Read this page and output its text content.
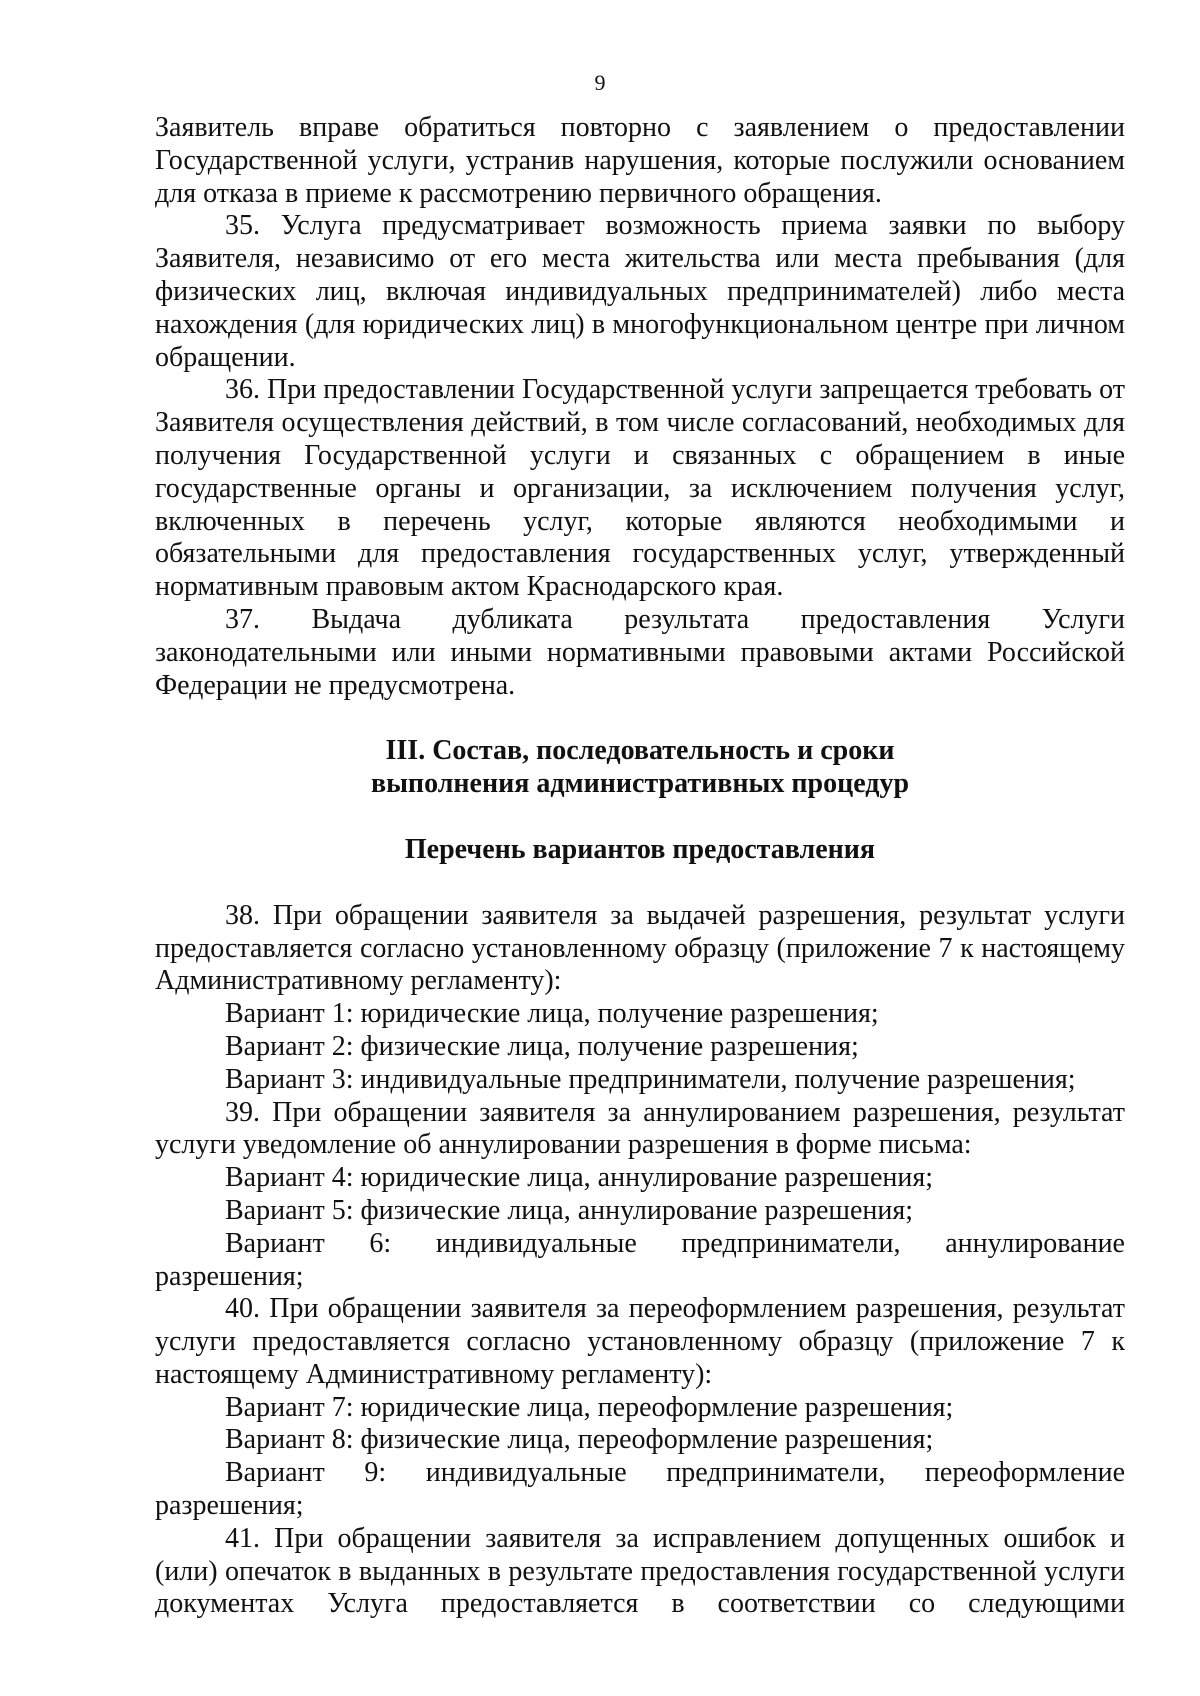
9

Заявитель вправе обратиться повторно с заявлением о предоставлении Государственной услуги, устранив нарушения, которые послужили основанием для отказа в приеме к рассмотрению первичного обращения.

35. Услуга предусматривает возможность приема заявки по выбору Заявителя, независимо от его места жительства или места пребывания (для физических лиц, включая индивидуальных предпринимателей) либо места нахождения (для юридических лиц) в многофункциональном центре при личном обращении.

36. При предоставлении Государственной услуги запрещается требовать от Заявителя осуществления действий, в том числе согласований, необходимых для получения Государственной услуги и связанных с обращением в иные государственные органы и организации, за исключением получения услуг, включенных в перечень услуг, которые являются необходимыми и обязательными для предоставления государственных услуг, утвержденный нормативным правовым актом Краснодарского края.

37. Выдача дубликата результата предоставления Услуги законодательными или иными нормативными правовыми актами Российской Федерации не предусмотрена.

III. Состав, последовательность и сроки

выполнения административных процедур

Перечень вариантов предоставления

38. При обращении заявителя за выдачей разрешения, результат услуги предоставляется согласно установленному образцу (приложение 7 к настоящему Административному регламенту):

Вариант 1: юридические лица, получение разрешения;

Вариант 2: физические лица, получение разрешения;

Вариант 3: индивидуальные предприниматели, получение разрешения;

39. При обращении заявителя за аннулированием разрешения, результат услуги уведомление об аннулировании разрешения в форме письма:

Вариант 4: юридические лица, аннулирование разрешения;

Вариант 5: физические лица, аннулирование разрешения;

Вариант 6: индивидуальные предприниматели, аннулирование разрешения;

40. При обращении заявителя за переоформлением разрешения, результат услуги предоставляется согласно установленному образцу (приложение 7 к настоящему Административному регламенту):

Вариант 7: юридические лица, переоформление разрешения;

Вариант 8: физические лица, переоформление разрешения;

Вариант 9: индивидуальные предприниматели, переоформление разрешения;

41. При обращении заявителя за исправлением допущенных ошибок и (или) опечаток в выданных в результате предоставления государственной услуги документах Услуга предоставляется в соответствии со следующими
